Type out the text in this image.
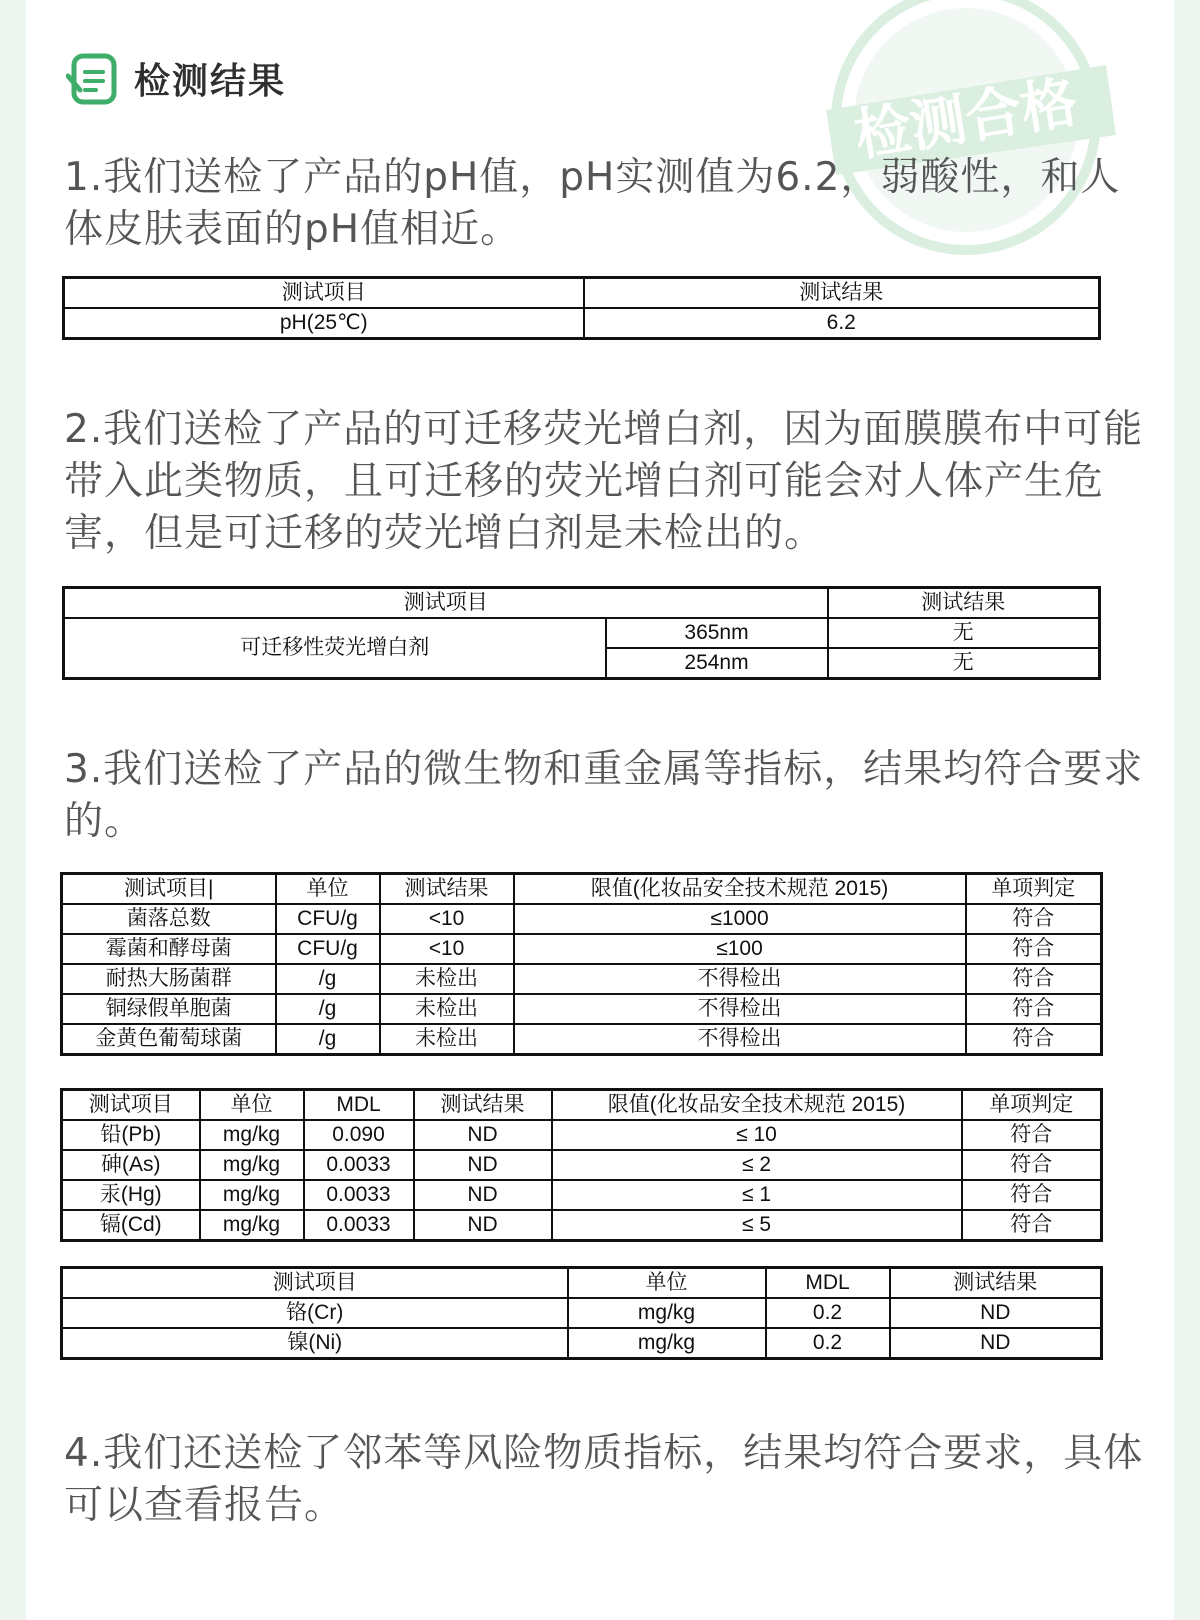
检测合格
检测结果

1.我们送检了产品的pH值，pH实测值为6.2，弱酸性，和人体皮肤表面的pH值相近。

测试项目	测试结果
pH(25℃)	6.2

2.我们送检了产品的可迁移荧光增白剂，因为面膜膜布中可能带入此类物质，且可迁移的荧光增白剂可能会对人体产生危害，但是可迁移的荧光增白剂是未检出的。

测试项目		测试结果
可迁移性荧光增白剂	365nm	无
	254nm	无

3.我们送检了产品的微生物和重金属等指标，结果均符合要求的。

测试项目|	单位	测试结果	限值(化妆品安全技术规范 2015)	单项判定
菌落总数	CFU/g	<10	≤1000	符合
霉菌和酵母菌	CFU/g	<10	≤100	符合
耐热大肠菌群	/g	未检出	不得检出	符合
铜绿假单胞菌	/g	未检出	不得检出	符合
金黄色葡萄球菌	/g	未检出	不得检出	符合
测试项目	单位	MDL	测试结果	限值(化妆品安全技术规范 2015)	单项判定
铅(Pb)	mg/kg	0.090	ND	≤ 10	符合
砷(As)	mg/kg	0.0033	ND	≤ 2	符合
汞(Hg)	mg/kg	0.0033	ND	≤ 1	符合
镉(Cd)	mg/kg	0.0033	ND	≤ 5	符合
测试项目	单位	MDL	测试结果
铬(Cr)	mg/kg	0.2	ND
镍(Ni)	mg/kg	0.2	ND

4.我们还送检了邻苯等风险物质指标，结果均符合要求，具体可以查看报告。
